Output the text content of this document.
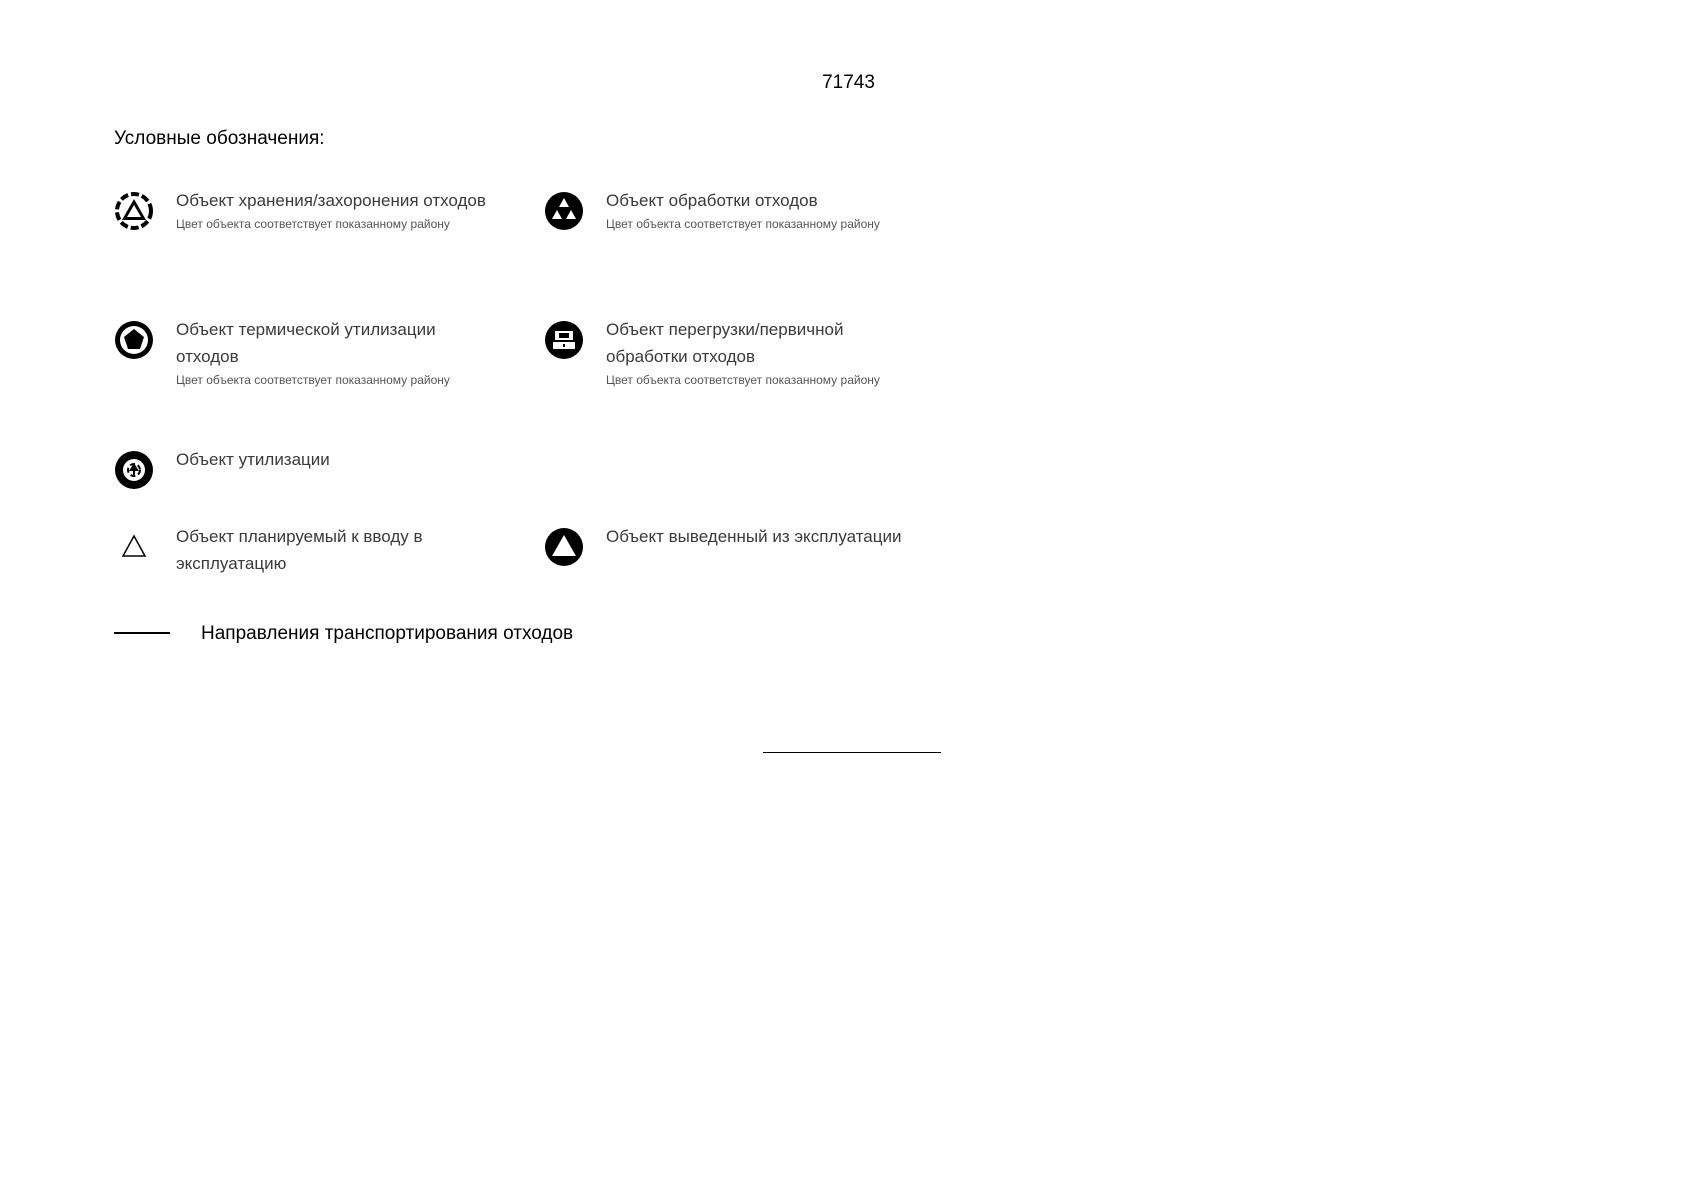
71743
Условные обозначения:
Объект хранения/захоронения отходов
Цвет объекта соответствует показанному району
Объект обработки отходов
Цвет объекта соответствует показанному району
Объект термической утилизации отходов
Цвет объекта соответствует показанному району
Объект перегрузки/первичной обработки отходов
Цвет объекта соответствует показанному району
Объект утилизации
Объект планируемый к вводу в эксплуатацию
Объект выведенный из эксплуатации
Направления транспортирования отходов
